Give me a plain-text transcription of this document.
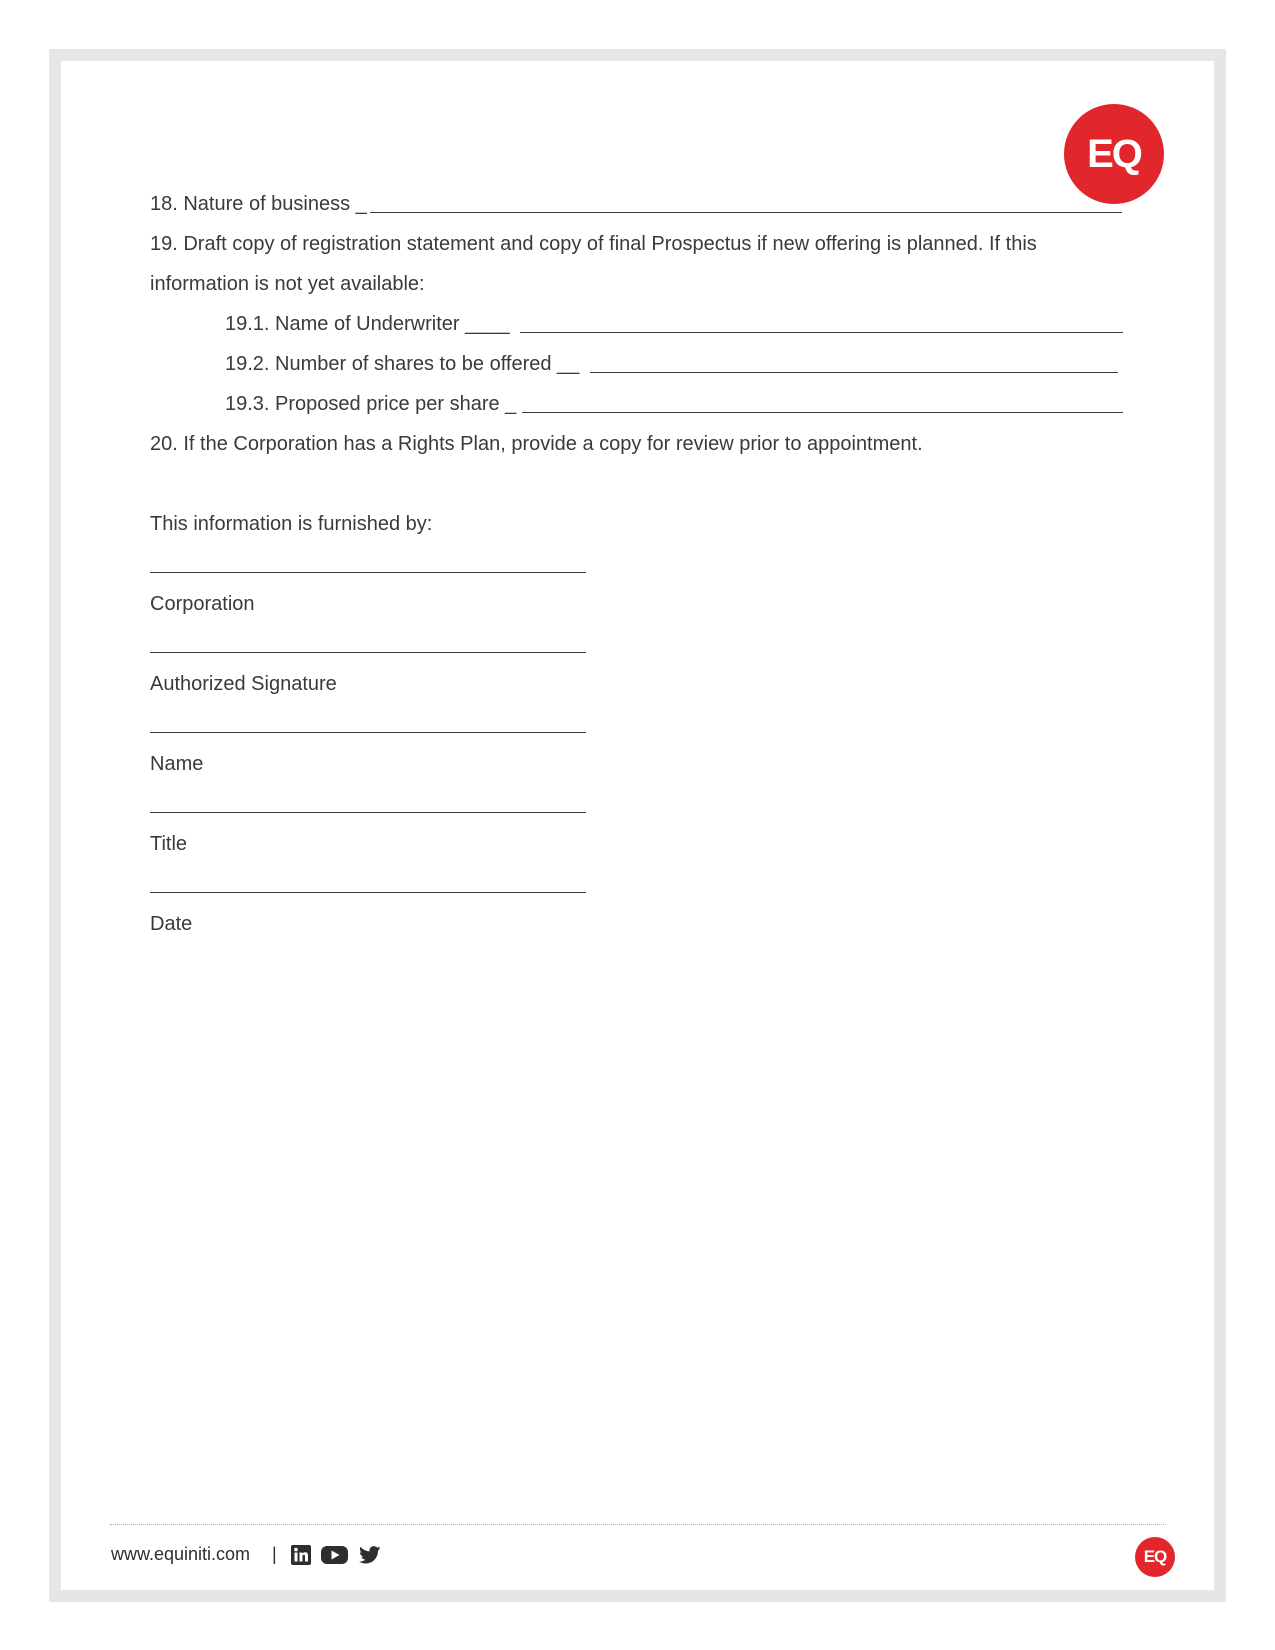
EQ
18. Nature of business _
19. Draft copy of registration statement and copy of final Prospectus if new offering is planned. If this
information is not yet available:
19.1. Name of Underwriter ____
19.2. Number of shares to be offered __
19.3. Proposed price per share _
20. If the Corporation has a Rights Plan, provide a copy for review prior to appointment.
This information is furnished by:
Corporation
Authorized Signature
Name
Title
Date
www.equiniti.com |	EQ
